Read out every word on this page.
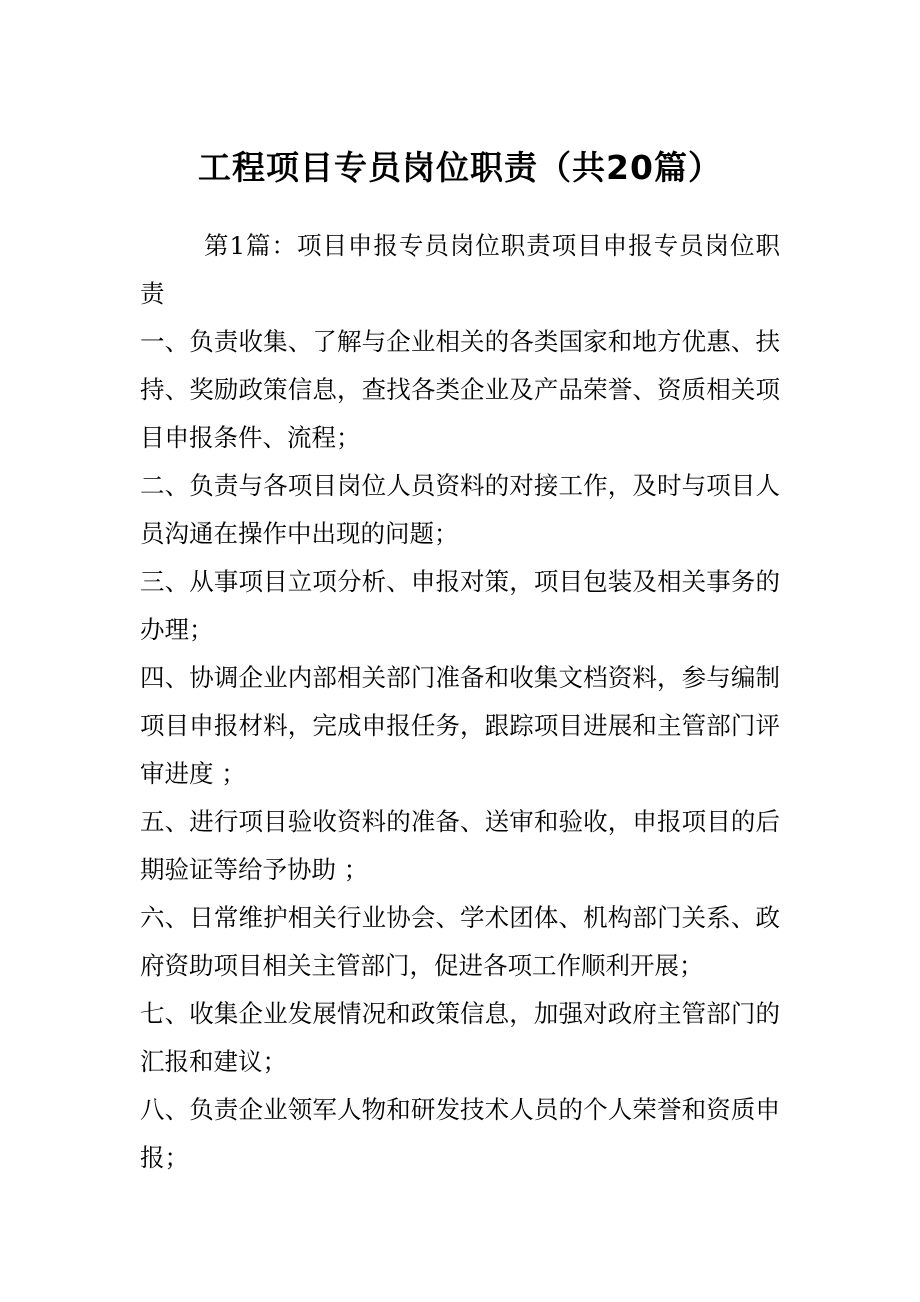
工程项目专员岗位职责（共20篇）

第1篇：项目申报专员岗位职责项目申报专员岗位职责

一、负责收集、了解与企业相关的各类国家和地方优惠、扶持、奖励政策信息，查找各类企业及产品荣誉、资质相关项目申报条件、流程；

二、负责与各项目岗位人员资料的对接工作，及时与项目人员沟通在操作中出现的问题；

三、从事项目立项分析、申报对策，项目包装及相关事务的办理；

四、协调企业内部相关部门准备和收集文档资料，参与编制项目申报材料，完成申报任务，跟踪项目进展和主管部门评审进度 ；

五、进行项目验收资料的准备、送审和验收，申报项目的后期验证等给予协助 ；

六、日常维护相关行业协会、学术团体、机构部门关系、政府资助项目相关主管部门，促进各项工作顺利开展；

七、收集企业发展情况和政策信息，加强对政府主管部门的汇报和建议；

八、负责企业领军人物和研发技术人员的个人荣誉和资质申报；
